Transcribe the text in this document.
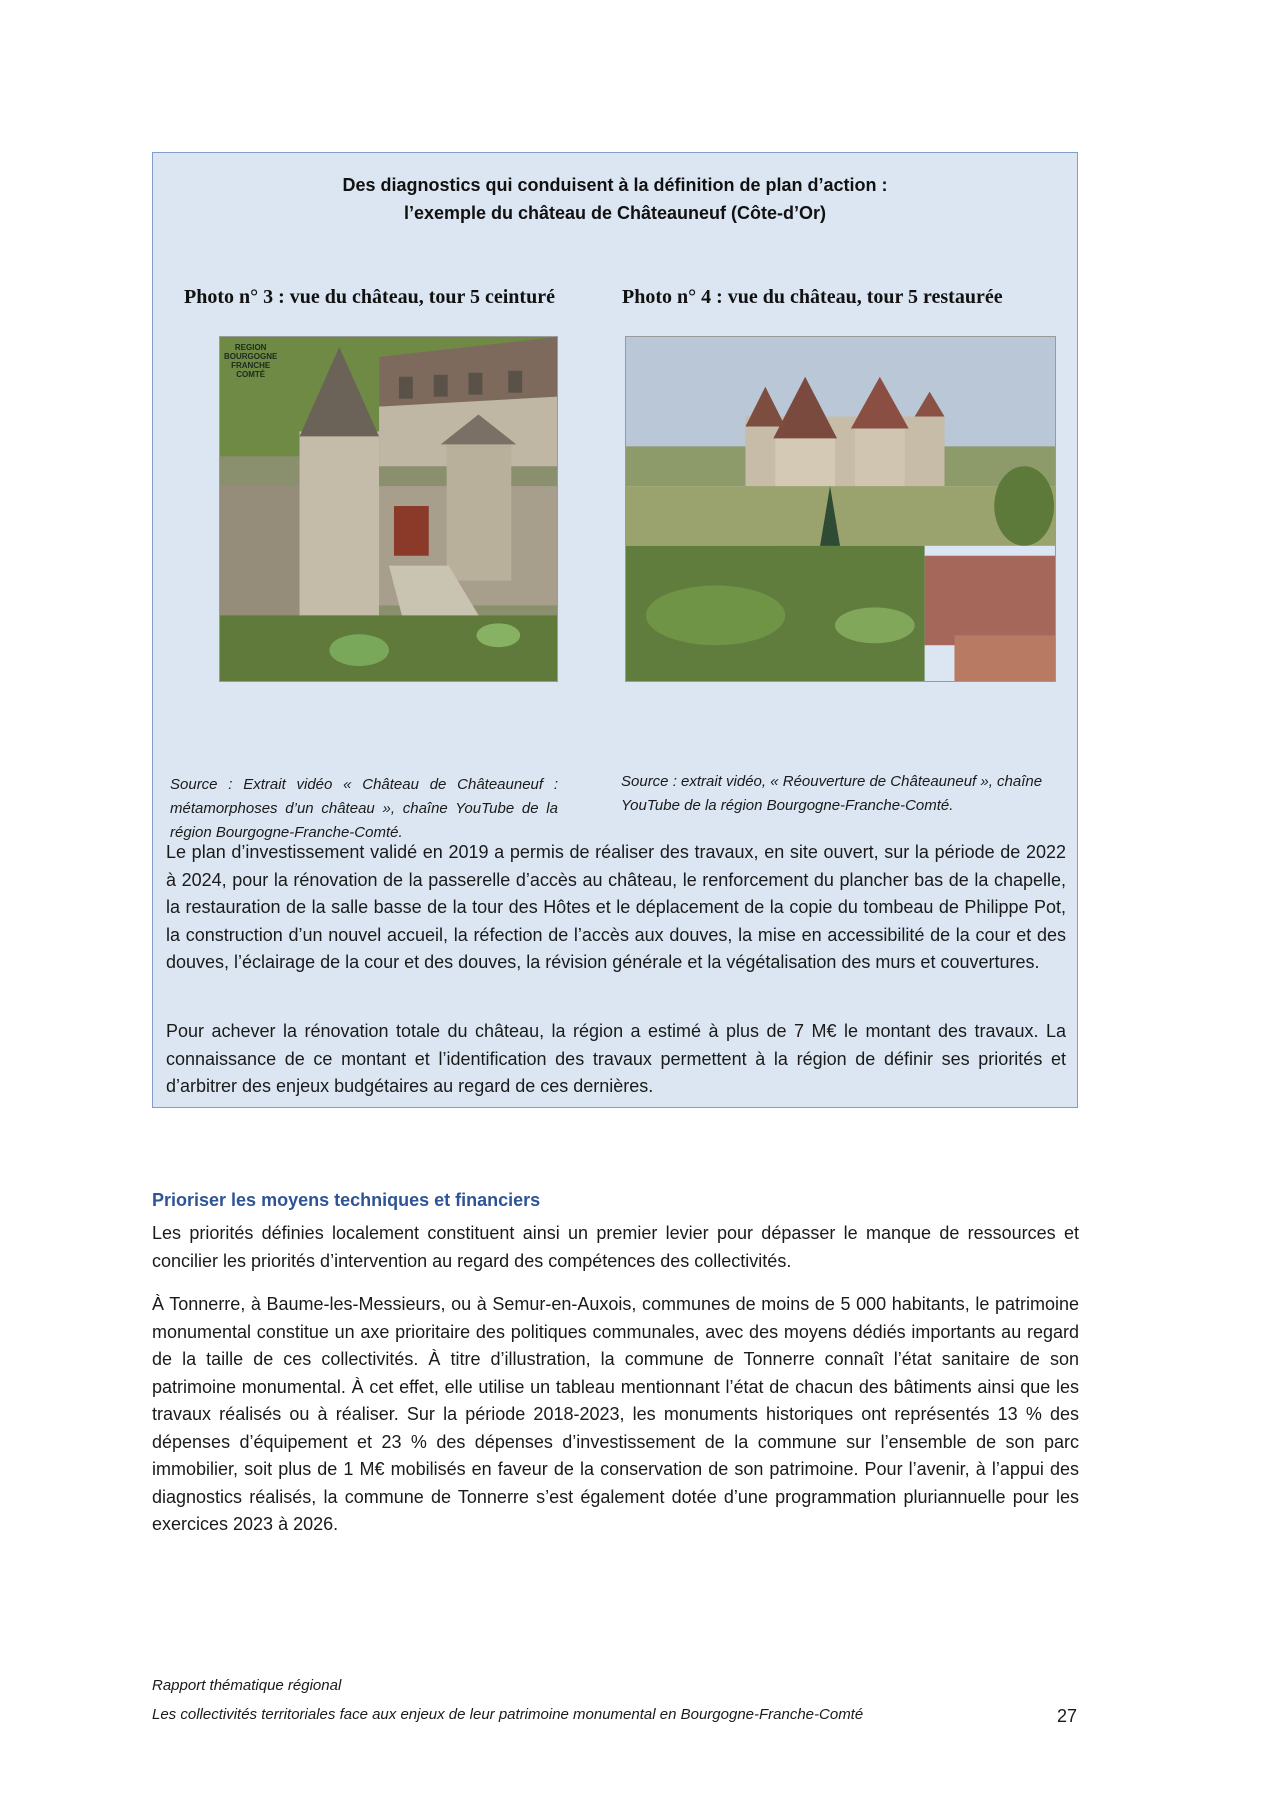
Des diagnostics qui conduisent à la définition de plan d’action :
l’exemple du château de Châteauneuf (Côte-d’Or)
Photo n° 3 : vue du château, tour 5 ceinturé	Photo n° 4 : vue du château, tour 5 restaurée
REGION
BOURGOGNE
FRANCHE
COMTÉ
Source : Extrait vidéo « Château de Châteauneuf : métamorphoses d’un château », chaîne YouTube de la région Bourgogne-Franche-Comté.
Source : extrait vidéo, « Réouverture de Châteauneuf », chaîne YouTube de la région Bourgogne-Franche-Comté.
Le plan d’investissement validé en 2019 a permis de réaliser des travaux, en site ouvert, sur la période de 2022 à 2024, pour la rénovation de la passerelle d’accès au château, le renforcement du plancher bas de la chapelle, la restauration de la salle basse de la tour des Hôtes et le déplacement de la copie du tombeau de Philippe Pot, la construction d’un nouvel accueil, la réfection de l’accès aux douves, la mise en accessibilité de la cour et des douves, l’éclairage de la cour et des douves, la révision générale et la végétalisation des murs et couvertures.
Pour achever la rénovation totale du château, la région a estimé à plus de 7 M€ le montant des travaux. La connaissance de ce montant et l’identification des travaux permettent à la région de définir ses priorités et d’arbitrer des enjeux budgétaires au regard de ces dernières.
Prioriser les moyens techniques et financiers
Les priorités définies localement constituent ainsi un premier levier pour dépasser le manque de ressources et concilier les priorités d’intervention au regard des compétences des collectivités.
À Tonnerre, à Baume-les-Messieurs, ou à Semur-en-Auxois, communes de moins de 5 000 habitants, le patrimoine monumental constitue un axe prioritaire des politiques communales, avec des moyens dédiés importants au regard de la taille de ces collectivités. À titre d’illustration, la commune de Tonnerre connaît l’état sanitaire de son patrimoine monumental. À cet effet, elle utilise un tableau mentionnant l’état de chacun des bâtiments ainsi que les travaux réalisés ou à réaliser. Sur la période 2018-2023, les monuments historiques ont représentés 13 % des dépenses d’équipement et 23 % des dépenses d’investissement de la commune sur l’ensemble de son parc immobilier, soit plus de 1 M€ mobilisés en faveur de la conservation de son patrimoine. Pour l’avenir, à l’appui des diagnostics réalisés, la commune de Tonnerre s’est également dotée d’une programmation pluriannuelle pour les exercices 2023 à 2026.
Rapport thématique régional
Les collectivités territoriales face aux enjeux de leur patrimoine monumental en Bourgogne-Franche-Comté	27
